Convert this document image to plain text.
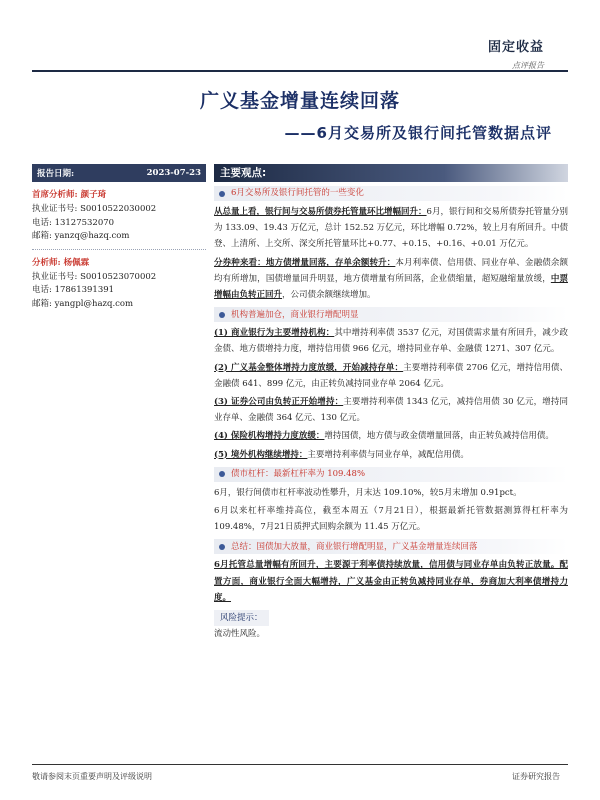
固定收益
点评报告
广义基金增量连续回落
——6月交易所及银行间托管数据点评
报告日期:	2023-07-23
首席分析师: 颜子琦
执业证书号: S0010522030002
电话: 13127532070
邮箱: yanzq@hazq.com
分析师: 杨佩霖
执业证书号: S0010523070002
电话: 17861391391
邮箱: yangpl@hazq.com
主要观点:
6月交易所及银行间托管的一些变化
从总量上看，银行间与交易所债券托管量环比增幅回升：6月，银行间和交易所债券托管量分别为 133.09、19.43 万亿元，总计 152.52 万亿元，环比增幅 0.72%，较上月有所回升。中债登、上清所、上交所、深交所托管量环比+0.77、+0.15、+0.16、+0.01 万亿元。
分券种来看：地方债增量回落，存单余额转升：本月利率债、信用债、同业存单、金融债余额均有所增加，国债增量回升明显，地方债增量有所回落，企业债缩量，超短融缩量放缓，中票增幅由负转正回升，公司债余额继续增加。
机构普遍加仓，商业银行增配明显
(1) 商业银行为主要增持机构：其中增持利率债 3537 亿元，对国债需求量有所回升，减少政金债、地方债增持力度，增持信用债 966 亿元，增持同业存单、金融债 1271、307 亿元。
(2) 广义基金整体增持力度放缓，开始减持存单：主要增持利率债 2706 亿元，增持信用债、金融债 641、899 亿元，由正转负减持同业存单 2064 亿元。
(3) 证券公司由负转正开始增持：主要增持利率债 1343 亿元，减持信用债 30 亿元，增持同业存单、金融债 364 亿元、130 亿元。
(4) 保险机构增持力度放缓：增持国债，地方债与政金债增量回落，由正转负减持信用债。
(5) 境外机构继续增持：主要增持利率债与同业存单，减配信用债。
债市杠杆：最新杠杆率为 109.48%
6月，银行间债市杠杆率波动性攀升，月末达 109.10%，较5月末增加 0.91pct。
6月以来杠杆率维持高位，截至本周五（7月21日），根据最新托管数据测算得杠杆率为 109.48%，7月21日质押式回购余额为 11.45 万亿元。
总结：国债加大放量，商业银行增配明显，广义基金增量连续回落
6月托管总量增幅有所回升，主要源于利率债持续放量，信用债与同业存单由负转正放量。配置方面，商业银行全面大幅增持，广义基金由正转负减持同业存单，券商加大利率债增持力度。
风险提示：
流动性风险。
敬请参阅末页重要声明及评级说明	证券研究报告
